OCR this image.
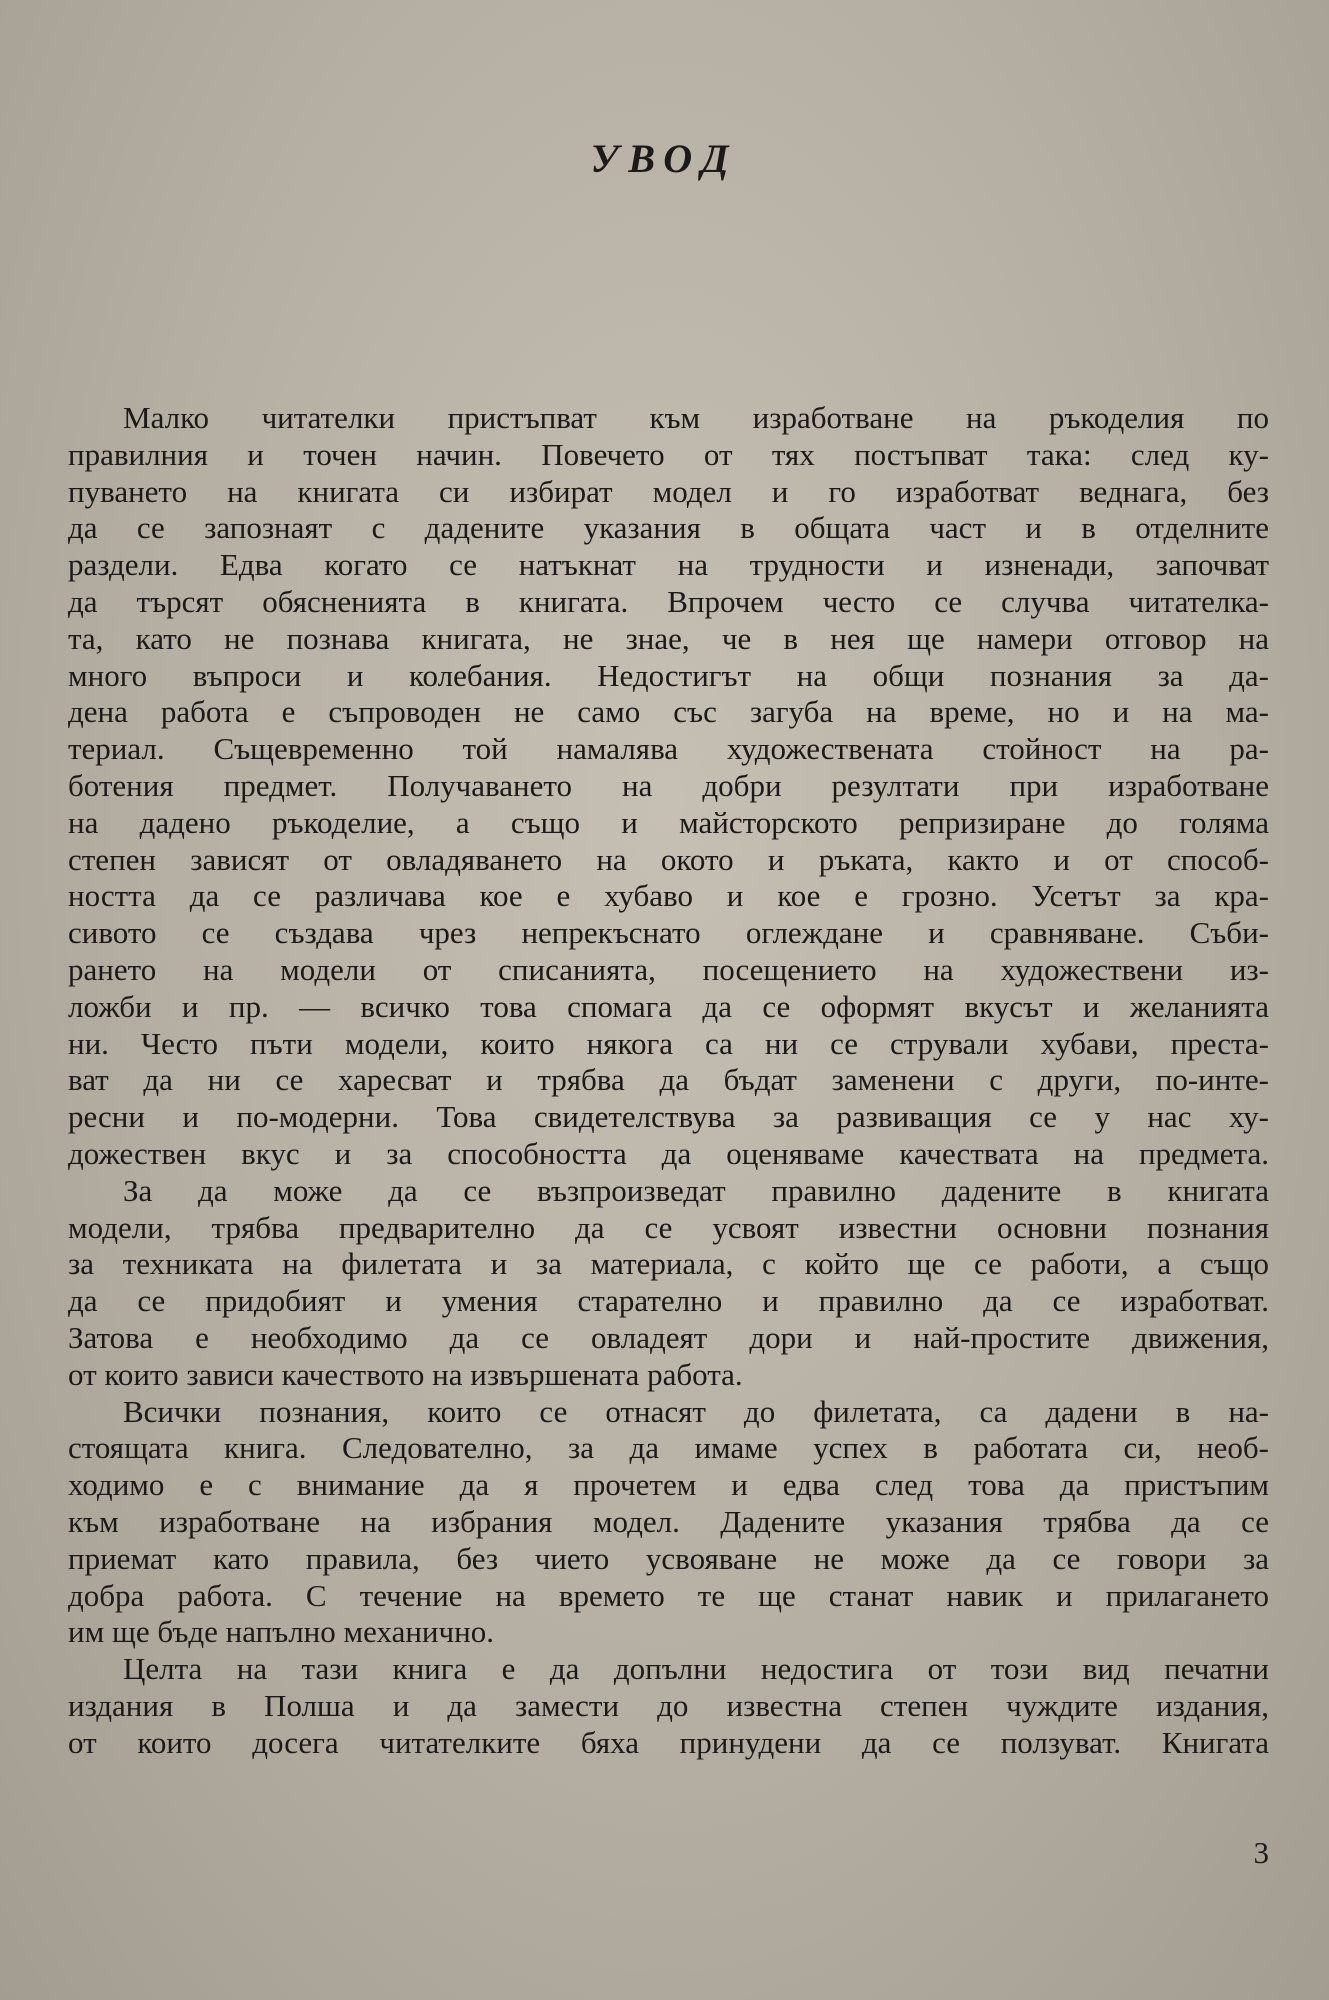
УВОД

Малко читателки пристъпват към изработване на ръкоделия по
правилния и точен начин. Повечето от тях постъпват така: след ку-
пуването на книгата си избират модел и го изработват веднага, без
да се запознаят с дадените указания в общата част и в отделните
раздели. Едва когато се натъкнат на трудности и изненади, започват
да търсят обясненията в книгата. Впрочем често се случва читателка-
та, като не познава книгата, не знае, че в нея ще намери отговор на
много въпроси и колебания. Недостигът на общи познания за да-
дена работа е съпроводен не само със загуба на време, но и на ма-
териал. Същевременно той намалява художествената стойност на ра-
ботения предмет. Получаването на добри резултати при изработване
на дадено ръкоделие, а също и майсторското репризиране до голяма
степен зависят от овладяването на окото и ръката, както и от способ-
ността да се различава кое е хубаво и кое е грозно. Усетът за кра-
сивото се създава чрез непрекъснато оглеждане и сравняване. Съби-
рането на модели от списанията, посещението на художествени из-
ложби и пр. — всичко това спомага да се оформят вкусът и желанията
ни. Често пъти модели, които някога са ни се стрували хубави, преста-
ват да ни се харесват и трябва да бъдат заменени с други, по-инте-
ресни и по-модерни. Това свидетелствува за развиващия се у нас ху-
дожествен вкус и за способността да оценяваме качествата на предмета.

За да може да се възпроизведат правилно дадените в книгата
модели, трябва предварително да се усвоят известни основни познания
за техниката на филетата и за материала, с който ще се работи, а също
да се придобият и умения старателно и правилно да се изработват.
Затова е необходимо да се овладеят дори и най-простите движения,
от които зависи качеството на извършената работа.

Всички познания, които се отнасят до филетата, са дадени в на-
стоящата книга. Следователно, за да имаме успех в работата си, необ-
ходимо е с внимание да я прочетем и едва след това да пристъпим
към изработване на избрания модел. Дадените указания трябва да се
приемат като правила, без чието усвояване не може да се говори за
добра работа. С течение на времето те ще станат навик и прилагането
им ще бъде напълно механично.

Целта на тази книга е да допълни недостига от този вид печатни
издания в Полша и да замести до известна степен чуждите издания,
от които досега читателките бяха принудени да се ползуват. Книгата

3
